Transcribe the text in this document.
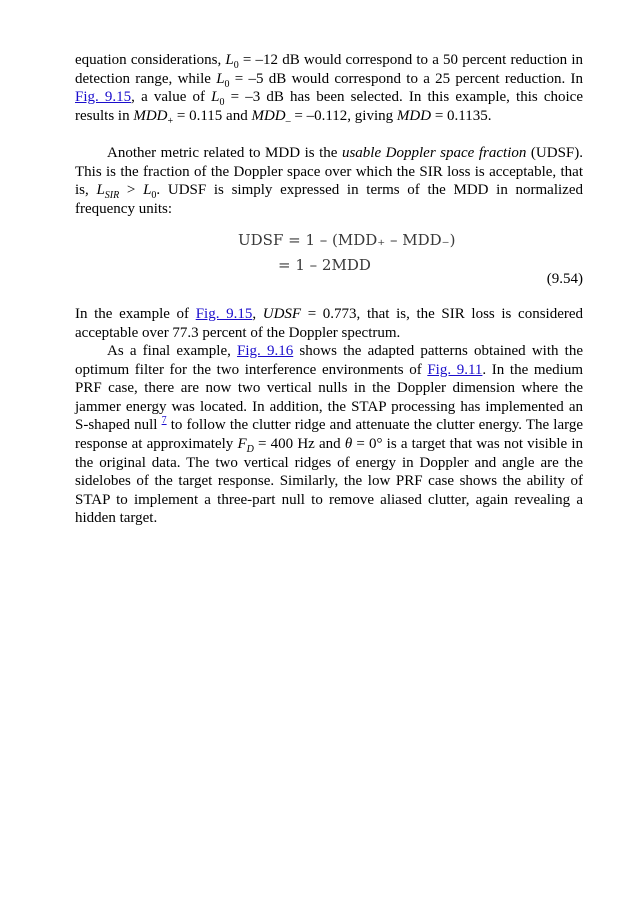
equation considerations, $L_0 = -12$ dB would correspond to a 50 percent reduction in detection range, while $L_0 = -5$ dB would correspond to a 25 percent reduction. In Fig. 9.15, a value of $L_0 = -3$ dB has been selected. In this example, this choice results in $MDD_+ = 0.115$ and $MDD_- = -0.112$, giving MDD = 0.1135.

Another metric related to MDD is the usable Doppler space fraction (UDSF). This is the fraction of the Doppler space over which the SIR loss is acceptable, that is, $L_{SIR} > L_0$. UDSF is simply expressed in terms of the MDD in normalized frequency units:

UDSF = 1 – (MDD₊ – MDD₋)
= 1 – 2MDD
(9.54)

In the example of Fig. 9.15, UDSF = 0.773, that is, the SIR loss is considered acceptable over 77.3 percent of the Doppler spectrum.

As a final example, Fig. 9.16 shows the adapted patterns obtained with the optimum filter for the two interference environments of Fig. 9.11. In the medium PRF case, there are now two vertical nulls in the Doppler dimension where the jammer energy was located. In addition, the STAP processing has implemented an S-shaped null $^7$ to follow the clutter ridge and attenuate the clutter energy. The large response at approximately $F_D = 400$ Hz and θ = 0° is a target that was not visible in the original data. The two vertical ridges of energy in Doppler and angle are the sidelobes of the target response. Similarly, the low PRF case shows the ability of STAP to implement a three-part null to remove aliased clutter, again revealing a hidden target.
